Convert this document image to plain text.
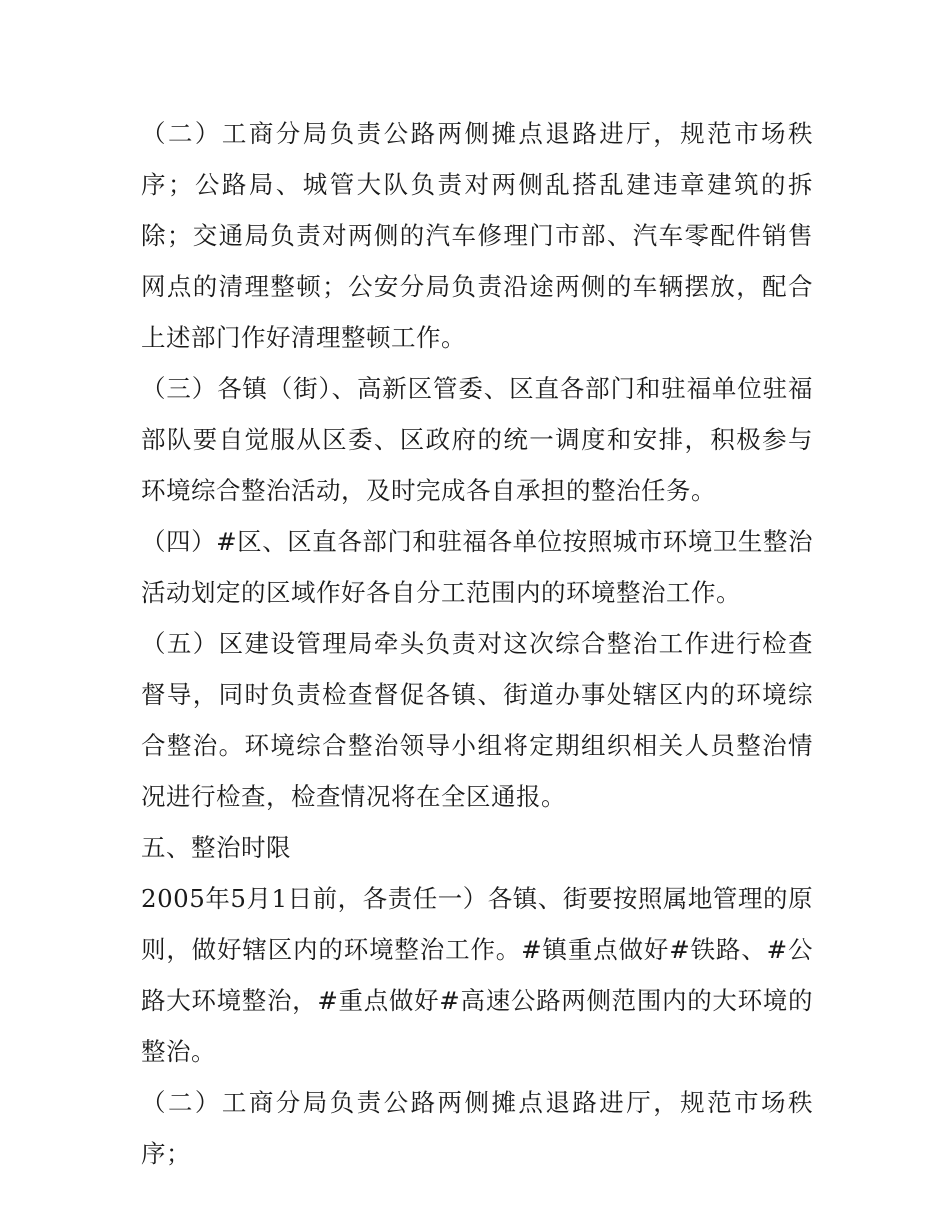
（二）工商分局负责公路两侧摊点退路进厅，规范市场秩序；公路局、城管大队负责对两侧乱搭乱建违章建筑的拆除；交通局负责对两侧的汽车修理门市部、汽车零配件销售网点的清理整顿；公安分局负责沿途两侧的车辆摆放，配合上述部门作好清理整顿工作。

（三）各镇（街）、高新区管委、区直各部门和驻福单位驻福部队要自觉服从区委、区政府的统一调度和安排，积极参与环境综合整治活动，及时完成各自承担的整治任务。

（四）#区、区直各部门和驻福各单位按照城市环境卫生整治活动划定的区域作好各自分工范围内的环境整治工作。

（五）区建设管理局牵头负责对这次综合整治工作进行检查督导，同时负责检查督促各镇、街道办事处辖区内的环境综合整治。环境综合整治领导小组将定期组织相关人员整治情况进行检查，检查情况将在全区通报。

五、整治时限

2005年5月1日前，各责任一）各镇、街要按照属地管理的原则，做好辖区内的环境整治工作。#镇重点做好#铁路、#公路大环境整治，#重点做好#高速公路两侧范围内的大环境的整治。

（二）工商分局负责公路两侧摊点退路进厅，规范市场秩序；
